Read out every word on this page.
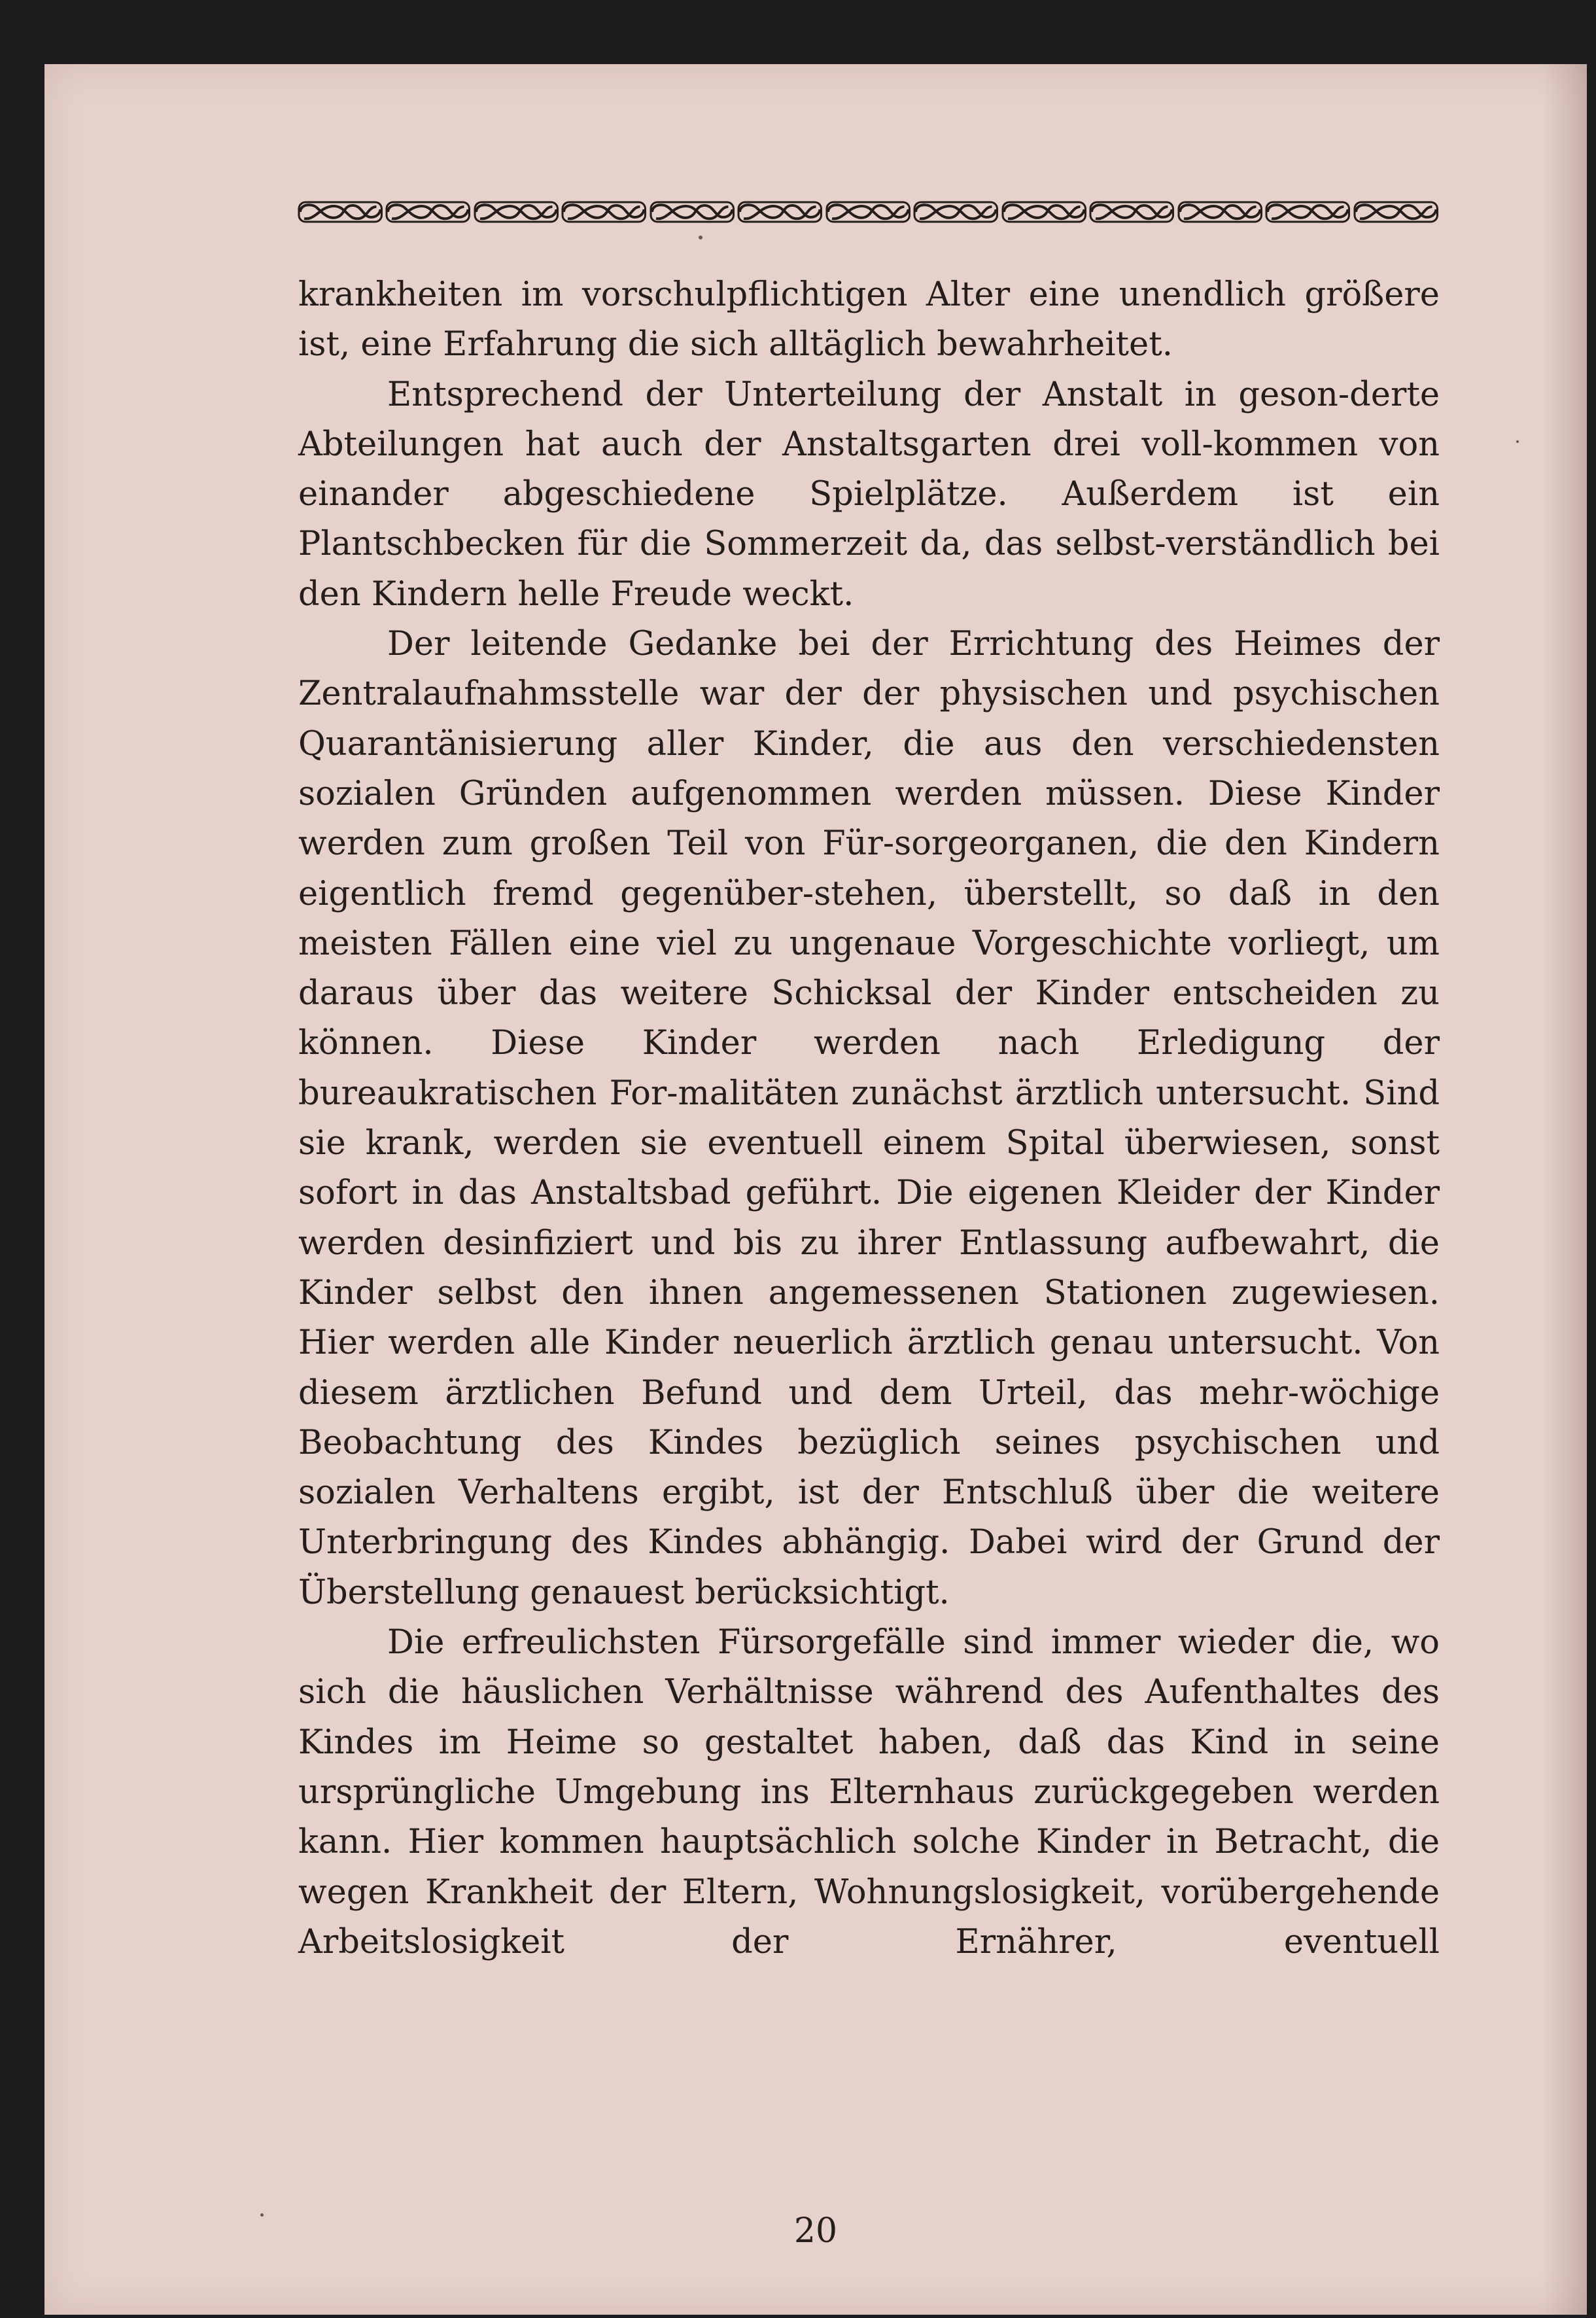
krankheiten im vorschulpflichtigen Alter eine unendlich größere ist, eine Erfahrung die sich alltäglich bewahrheitet.

Entsprechend der Unterteilung der Anstalt in geson-derte Abteilungen hat auch der Anstaltsgarten drei voll-kommen von einander abgeschiedene Spielplätze. Außerdem ist ein Plantschbecken für die Sommerzeit da, das selbst-verständlich bei den Kindern helle Freude weckt.

Der leitende Gedanke bei der Errichtung des Heimes der Zentralaufnahmsstelle war der der physischen und psychischen Quarantänisierung aller Kinder, die aus den verschiedensten sozialen Gründen aufgenommen werden müssen. Diese Kinder werden zum großen Teil von Für-sorgeorganen, die den Kindern eigentlich fremd gegenüber-stehen, überstellt, so daß in den meisten Fällen eine viel zu ungenaue Vorgeschichte vorliegt, um daraus über das weitere Schicksal der Kinder entscheiden zu können. Diese Kinder werden nach Erledigung der bureaukratischen For-malitäten zunächst ärztlich untersucht. Sind sie krank, werden sie eventuell einem Spital überwiesen, sonst sofort in das Anstaltsbad geführt. Die eigenen Kleider der Kinder werden desinfiziert und bis zu ihrer Entlassung aufbewahrt, die Kinder selbst den ihnen angemessenen Stationen zugewiesen. Hier werden alle Kinder neuerlich ärztlich genau untersucht. Von diesem ärztlichen Befund und dem Urteil, das mehr-wöchige Beobachtung des Kindes bezüglich seines psychischen und sozialen Verhaltens ergibt, ist der Entschluß über die weitere Unterbringung des Kindes abhängig. Dabei wird der Grund der Überstellung genauest berücksichtigt.

Die erfreulichsten Fürsorgefälle sind immer wieder die, wo sich die häuslichen Verhältnisse während des Aufenthaltes des Kindes im Heime so gestaltet haben, daß das Kind in seine ursprüngliche Umgebung ins Elternhaus zurückgegeben werden kann. Hier kommen hauptsächlich solche Kinder in Betracht, die wegen Krankheit der Eltern, Wohnungslosigkeit, vorübergehende Arbeitslosigkeit der Ernährer, eventuell

20
